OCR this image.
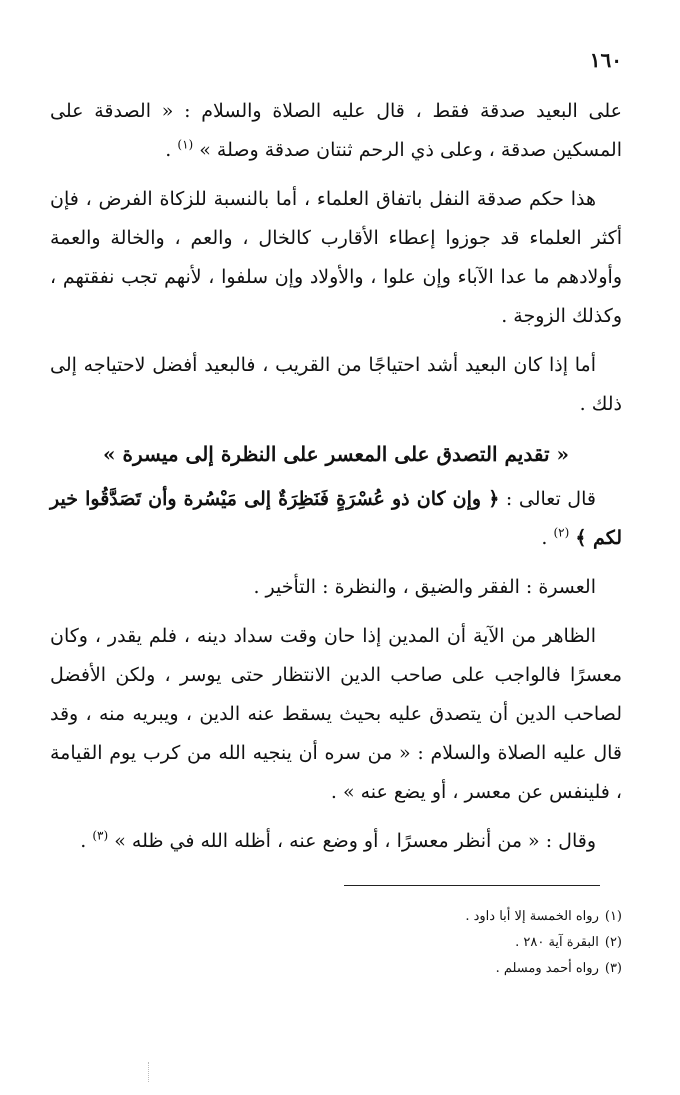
١٦٠

على البعيد صدقة فقط ، قال عليه الصلاة والسلام : « الصدقة على المسكين صدقة ، وعلى ذي الرحم ثنتان صدقة وصلة » $^{(١)}$ .

هذا حكم صدقة النفل باتفاق العلماء ، أما بالنسبة للزكاة الفرض ، فإن أكثر العلماء قد جوزوا إعطاء الأقارب كالخال ، والعم ، والخالة والعمة وأولادهم ما عدا الآباء وإن علوا ، والأولاد وإن سلفوا ، لأنهم تجب نفقتهم ، وكذلك الزوجة .

أما إذا كان البعيد أشد احتياجًا من القريب ، فالبعيد أفضل لاحتياجه إلى ذلك .

« تقديم التصدق على المعسر على النظرة إلى ميسرة »

قال تعالى : ﴿ وإن كان ذو عُسْرَةٍ فَنَظِرَةٌ إلى مَيْسُرة وأن تَصَدَّقُوا خير لكم ﴾ $^{(٢)}$ .

العسرة : الفقر والضيق ، والنظرة : التأخير .

الظاهر من الآية أن المدين إذا حان وقت سداد دينه ، فلم يقدر ، وكان معسرًا فالواجب على صاحب الدين الانتظار حتى يوسر ، ولكن الأفضل لصاحب الدين أن يتصدق عليه بحيث يسقط عنه الدين ، ويبريه منه ، وقد قال عليه الصلاة والسلام : « من سره أن ينجيه الله من كرب يوم القيامة ، فلينفس عن معسر ، أو يضع عنه » .

وقال : « من أنظر معسرًا ، أو وضع عنه ، أظله الله في ظله » $^{(٣)}$ .

(١)رواه الخمسة إلا أبا داود .

(٢)البقرة آية ٢٨٠ .

(٣)رواه أحمد ومسلم .
